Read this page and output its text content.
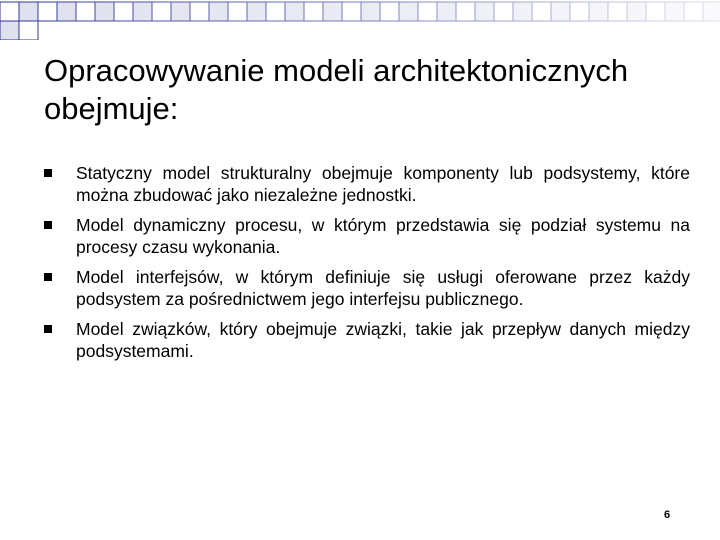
Opracowywanie modeli architektonicznych obejmuje:
Statyczny model strukturalny obejmuje komponenty lub podsystemy, które można zbudować jako niezależne jednostki.
Model dynamiczny procesu, w którym przedstawia się podział systemu na procesy czasu wykonania.
Model interfejsów, w którym definiuje się usługi oferowane przez każdy podsystem za pośrednictwem jego interfejsu publicznego.
Model związków, który obejmuje związki, takie jak przepływ danych między podsystemami.
6
